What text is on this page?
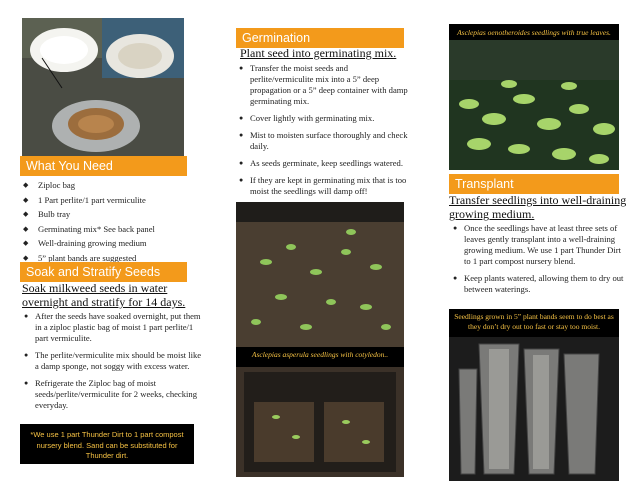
What You Need
◆ Ziploc bag
◆ 1 Part perlite/1 part vermiculite
◆ Bulb tray
◆ Germinating mix* See back panel
◆ Well-draining growing medium
◆ 5” plant bands are suggested
Soak and Stratify Seeds
Soak milkweed seeds in water overnight and stratify for 14 days.
● After the seeds have soaked overnight, put them in a ziploc plastic bag of moist 1 part perlite/1 part vermiculite.
● The perlite/vermiculite mix should be moist like a damp sponge, not soggy with excess water.
● Refrigerate the Ziploc bag of moist seeds/perlite/vermiculite for 2 weeks, checking everyday.
*We use 1 part Thunder Dirt to 1 part compost nursery blend. Sand can be substituted for Thunder dirt.
Germination
Plant seed into germinating mix.
● Transfer the moist seeds and perlite/vermiculite mix into a 5” deep propagation or a 5” deep container with damp germinating mix.
● Cover lightly with germinating mix.
● Mist to moisten surface thoroughly and check daily.
● As seeds germinate, keep seedlings watered.
● If they are kept in germinating mix that is too moist the seedlings will damp off!
Asclepias asperula seedlings with cotyledon..
Asclepias oenotheroides seedlings with true leaves.
Transplant
Transfer seedlings into well-draining growing medium.
● Once the seedlings have at least three sets of leaves gently transplant into a well-draining growing medium. We use 1 part Thunder Dirt to 1 part compost nursery blend.
● Keep plants watered, allowing them to dry out between waterings.
Seedlings grown in 5” plant bands seem to do best as they don’t dry out too fast or stay too moist.
